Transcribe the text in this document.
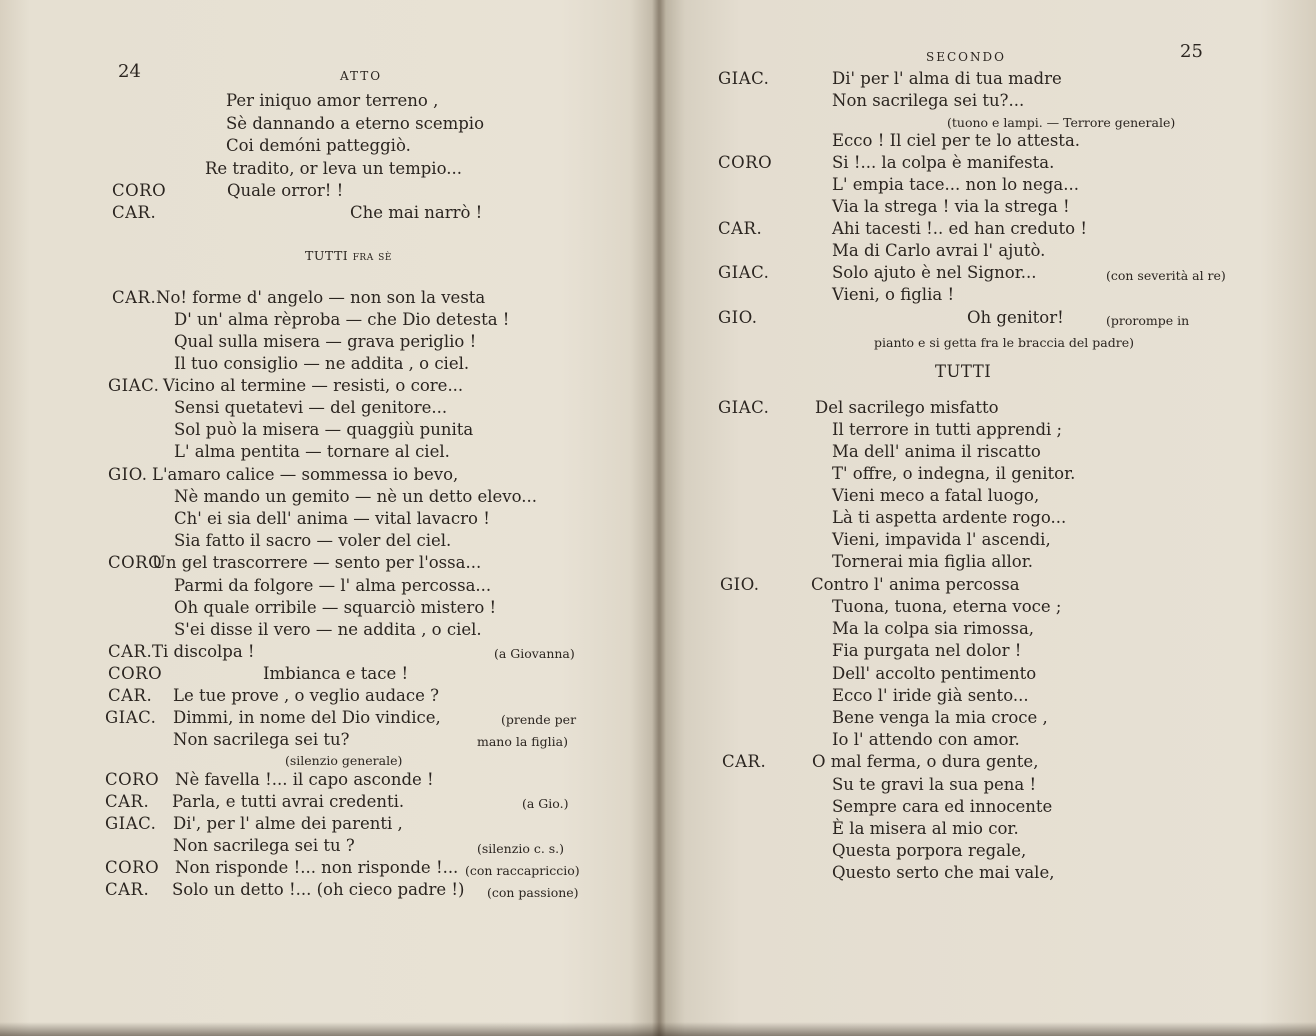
24	ATTO
Per iniquo amor terreno ,
Sè dannando a eterno scempio
Coi demóni patteggiò.
Re tradito, or leva un tempio...
CORO	Quale orror! !
CAR.	Che mai narrò !
TUTTI fra sè
CAR. No! forme d' angelo — non son la vesta
D' un' alma rèproba — che Dio detesta !
Qual sulla misera — grava periglio !
Il tuo consiglio — ne addita , o ciel.
GIAC. Vicino al termine — resisti, o core...
Sensi quetatevi — del genitore...
Sol può la misera — quaggiù punita
L' alma pentita — tornare al ciel.
GIO. L'amaro calice — sommessa io bevo,
Nè mando un gemito — nè un detto elevo...
Ch' ei sia dell' anima — vital lavacro !
Sia fatto il sacro — voler del ciel.
CORO
Un gel trascorrere — sento per l'ossa...
Parmi da folgore — l' alma percossa...
Oh quale orribile — squarciò mistero !
S'ei disse il vero — ne addita , o ciel.
CAR. Ti discolpa !	(a Giovanna)
CORO	Imbianca e tace !
CAR. Le tue prove , o veglio audace ?
GIAC. Dimmi, in nome del Dio vindice,	(prende per
Non sacrilega sei tu?	mano la figlia)
(silenzio generale)
CORO Nè favella !... il capo asconde !
CAR. Parla, e tutti avrai credenti.	(a Gio.)
GIAC. Di', per l' alme dei parenti ,
Non sacrilega sei tu ?	(silenzio c. s.)
CORO Non risponde !... non risponde !... (con raccapriccio)
CAR. Solo un detto !... (oh cieco padre !) (con passione)
SECONDO	25
GIAC.	Di' per l' alma di tua madre
Non sacrilega sei tu?...
(tuono e lampi. — Terrore generale)
Ecco ! Il ciel per te lo attesta.
CORO	Si !... la colpa è manifesta.
L' empia tace... non lo nega...
Via la strega ! via la strega !
CAR.	Ahi tacesti !.. ed han creduto !
Ma di Carlo avrai l' ajutò.
GIAC.	Solo ajuto è nel Signor...	(con severità al re)
Vieni, o figlia !
GIO.	Oh genitor!	(prorompe in
pianto e si getta fra le braccia del padre)
TUTTI
GIAC.	Del sacrilego misfatto
Il terrore in tutti apprendi ;
Ma dell' anima il riscatto
T' offre, o indegna, il genitor.
Vieni meco a fatal luogo,
Là ti aspetta ardente rogo...
Vieni, impavida l' ascendi,
Tornerai mia figlia allor.
GIO.	Contro l' anima percossa
Tuona, tuona, eterna voce ;
Ma la colpa sia rimossa,
Fia purgata nel dolor !
Dell' accolto pentimento
Ecco l' iride già sento...
Bene venga la mia croce ,
Io l' attendo con amor.
CAR.	O mal ferma, o dura gente,
Su te gravi la sua pena !
Sempre cara ed innocente
È la misera al mio cor.
Questa porpora regale,
Questo serto che mai vale,
